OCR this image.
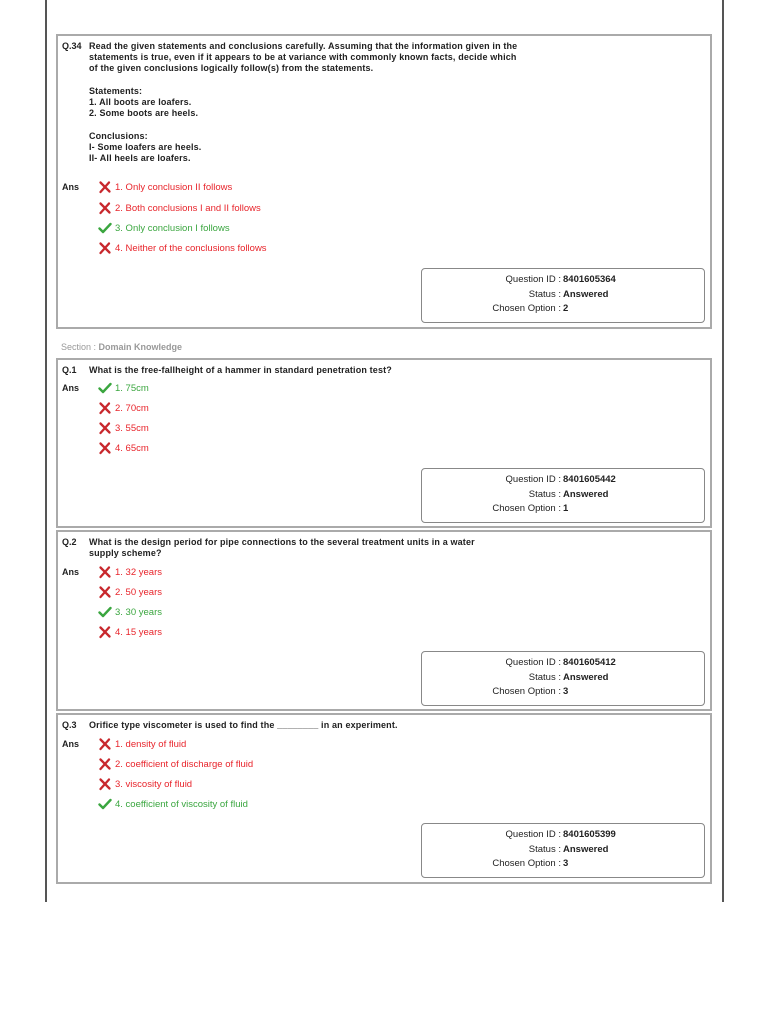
Q.34 Read the given statements and conclusions carefully. Assuming that the information given in the statements is true, even if it appears to be at variance with commonly known facts, decide which of the given conclusions logically follow(s) from the statements.

Statements:

1. All boots are loafers.

2. Some boots are heels.

Conclusions:

I- Some loafers are heels.

II- All heels are loafers.

Ans	1. Only conclusion II follows
2. Both conclusions I and II follows
3. Only conclusion I follows
4. Neither of the conclusions follows
Question ID : 8401605364
Status : Answered
Chosen Option : 2
Section : Domain Knowledge
Q.1 What is the free-fallheight of a hammer in standard penetration test?
Ans	1. 75cm
2. 70cm
3. 55cm
4. 65cm
Question ID : 8401605442
Status : Answered
Chosen Option : 1
Q.2 What is the design period for pipe connections to the several treatment units in a water supply scheme?
Ans	1. 32 years
2. 50 years
3. 30 years
4. 15 years
Question ID : 8401605412
Status : Answered
Chosen Option : 3
Q.3 Orifice type viscometer is used to find the ________ in an experiment.
Ans	1. density of fluid
2. coefficient of discharge of fluid
3. viscosity of fluid
4. coefficient of viscosity of fluid
Question ID : 8401605399
Status : Answered
Chosen Option : 3
